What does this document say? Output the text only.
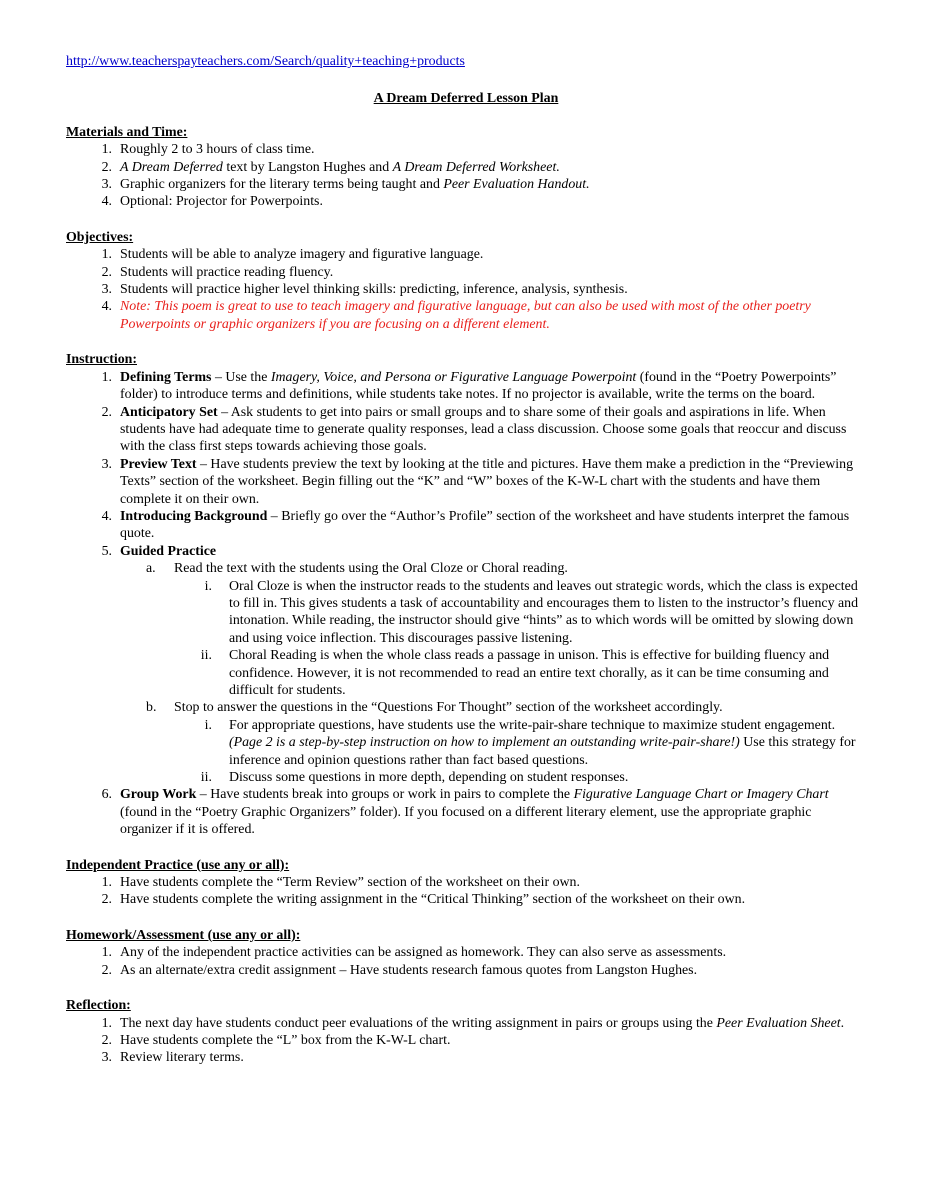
http://www.teacherspayteachers.com/Search/quality+teaching+products
A Dream Deferred Lesson Plan
Materials and Time:
1. Roughly 2 to 3 hours of class time.
2. A Dream Deferred text by Langston Hughes and A Dream Deferred Worksheet.
3. Graphic organizers for the literary terms being taught and Peer Evaluation Handout.
4. Optional: Projector for Powerpoints.
Objectives:
1. Students will be able to analyze imagery and figurative language.
2. Students will practice reading fluency.
3. Students will practice higher level thinking skills: predicting, inference, analysis, synthesis.
4. Note: This poem is great to use to teach imagery and figurative language, but can also be used with most of the other poetry Powerpoints or graphic organizers if you are focusing on a different element.
Instruction:
1. Defining Terms – Use the Imagery, Voice, and Persona or Figurative Language Powerpoint (found in the “Poetry Powerpoints” folder) to introduce terms and definitions, while students take notes. If no projector is available, write the terms on the board.
2. Anticipatory Set – Ask students to get into pairs or small groups and to share some of their goals and aspirations in life. When students have had adequate time to generate quality responses, lead a class discussion. Choose some goals that reoccur and discuss with the class first steps towards achieving those goals.
3. Preview Text – Have students preview the text by looking at the title and pictures. Have them make a prediction in the “Previewing Texts” section of the worksheet. Begin filling out the “K” and “W” boxes of the K-W-L chart with the students and have them complete it on their own.
4. Introducing Background – Briefly go over the “Author’s Profile” section of the worksheet and have students interpret the famous quote.
5. Guided Practice
a. Read the text with the students using the Oral Cloze or Choral reading.
i. Oral Cloze is when the instructor reads to the students and leaves out strategic words, which the class is expected to fill in. This gives students a task of accountability and encourages them to listen to the instructor’s fluency and intonation. While reading, the instructor should give “hints” as to which words will be omitted by slowing down and using voice inflection. This discourages passive listening.
ii. Choral Reading is when the whole class reads a passage in unison. This is effective for building fluency and confidence. However, it is not recommended to read an entire text chorally, as it can be time consuming and difficult for students.
b. Stop to answer the questions in the “Questions For Thought” section of the worksheet accordingly.
i. For appropriate questions, have students use the write-pair-share technique to maximize student engagement. (Page 2 is a step-by-step instruction on how to implement an outstanding write-pair-share!) Use this strategy for inference and opinion questions rather than fact based questions.
ii. Discuss some questions in more depth, depending on student responses.
6. Group Work – Have students break into groups or work in pairs to complete the Figurative Language Chart or Imagery Chart (found in the “Poetry Graphic Organizers” folder). If you focused on a different literary element, use the appropriate graphic organizer if it is offered.
Independent Practice (use any or all):
1. Have students complete the “Term Review” section of the worksheet on their own.
2. Have students complete the writing assignment in the “Critical Thinking” section of the worksheet on their own.
Homework/Assessment (use any or all):
1. Any of the independent practice activities can be assigned as homework. They can also serve as assessments.
2. As an alternate/extra credit assignment – Have students research famous quotes from Langston Hughes.
Reflection:
1. The next day have students conduct peer evaluations of the writing assignment in pairs or groups using the Peer Evaluation Sheet.
2. Have students complete the “L” box from the K-W-L chart.
3. Review literary terms.
